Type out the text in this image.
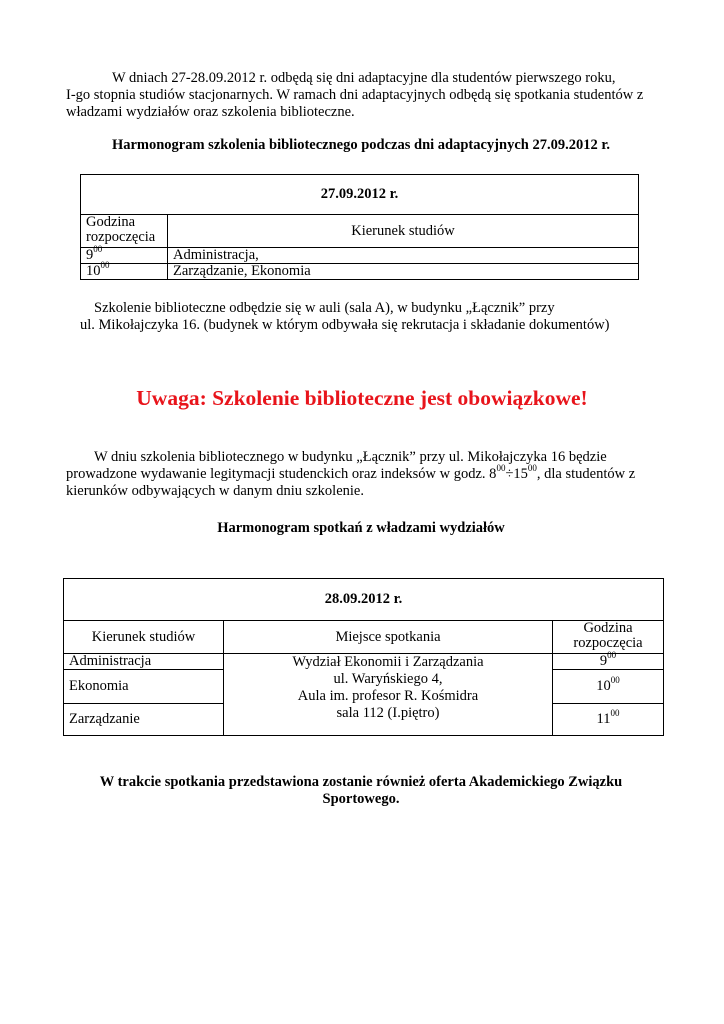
W dniach 27-28.09.2012 r. odbędą się dni adaptacyjne dla studentów pierwszego roku,
I-go stopnia studiów stacjonarnych. W ramach dni adaptacyjnych odbędą się spotkania studentów z
władzami wydziałów oraz szkolenia biblioteczne.

Harmonogram szkolenia bibliotecznego podczas dni adaptacyjnych 27.09.2012 r.

27.09.2012 r.	
Godzina rozpoczęcia	Kierunek studiów
$9^{00}$	Administracja,
$10^{00}$	Zarządzanie, Ekonomia

Szkolenie biblioteczne odbędzie się w auli (sala A), w budynku „Łącznik” przy
ul. Mikołajczyka 16. (budynek w którym odbywała się rekrutacja i składanie dokumentów)

Uwaga: Szkolenie biblioteczne jest obowiązkowe!

W dniu szkolenia bibliotecznego w budynku „Łącznik” przy ul. Mikołajczyka 16 będzie
prowadzone wydawanie legitymacji studenckich oraz indeksów w godz. $8^{00}\div 15^{00}$, dla studentów z
kierunków odbywających w danym dniu szkolenie.

Harmonogram spotkań z władzami wydziałów

28.09.2012 r.		
Kierunek studiów	Miejsce spotkania	Godzina rozpoczęcia
Administracja	Wydział Ekonomii i Zarządzania
ul. Waryńskiego 4,
Aula im. profesor R. Kośmidra
sala 112 (I.piętro)	$9^{00}$
Ekonomia		$10^{00}$
Zarządzanie		$11^{00}$

W trakcie spotkania przedstawiona zostanie również oferta Akademickiego Związku
Sportowego.
